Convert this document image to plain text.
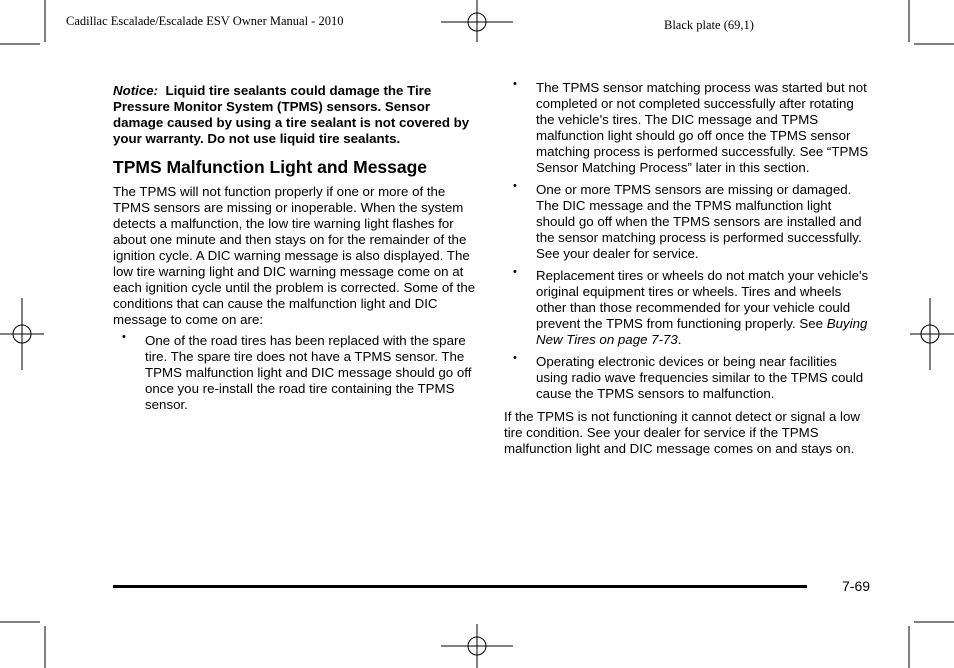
Cadillac Escalade/Escalade ESV Owner Manual - 2010	Black plate (69,1)
Notice: Liquid tire sealants could damage the Tire Pressure Monitor System (TPMS) sensors. Sensor damage caused by using a tire sealant is not covered by your warranty. Do not use liquid tire sealants.
TPMS Malfunction Light and Message

The TPMS will not function properly if one or more of the TPMS sensors are missing or inoperable. When the system detects a malfunction, the low tire warning light flashes for about one minute and then stays on for the remainder of the ignition cycle. A DIC warning message is also displayed. The low tire warning light and DIC warning message come on at each ignition cycle until the problem is corrected. Some of the conditions that can cause the malfunction light and DIC message to come on are:

• One of the road tires has been replaced with the spare tire. The spare tire does not have a TPMS sensor. The TPMS malfunction light and DIC message should go off once you re-install the road tire containing the TPMS sensor.
• The TPMS sensor matching process was started but not completed or not completed successfully after rotating the vehicle's tires. The DIC message and TPMS malfunction light should go off once the TPMS sensor matching process is performed successfully. See “TPMS Sensor Matching Process” later in this section.
• One or more TPMS sensors are missing or damaged. The DIC message and the TPMS malfunction light should go off when the TPMS sensors are installed and the sensor matching process is performed successfully. See your dealer for service.
• Replacement tires or wheels do not match your vehicle's original equipment tires or wheels. Tires and wheels other than those recommended for your vehicle could prevent the TPMS from functioning properly. See Buying New Tires on page 7-73.
• Operating electronic devices or being near facilities using radio wave frequencies similar to the TPMS could cause the TPMS sensors to malfunction.

If the TPMS is not functioning it cannot detect or signal a low tire condition. See your dealer for service if the TPMS malfunction light and DIC message comes on and stays on.

7-69
